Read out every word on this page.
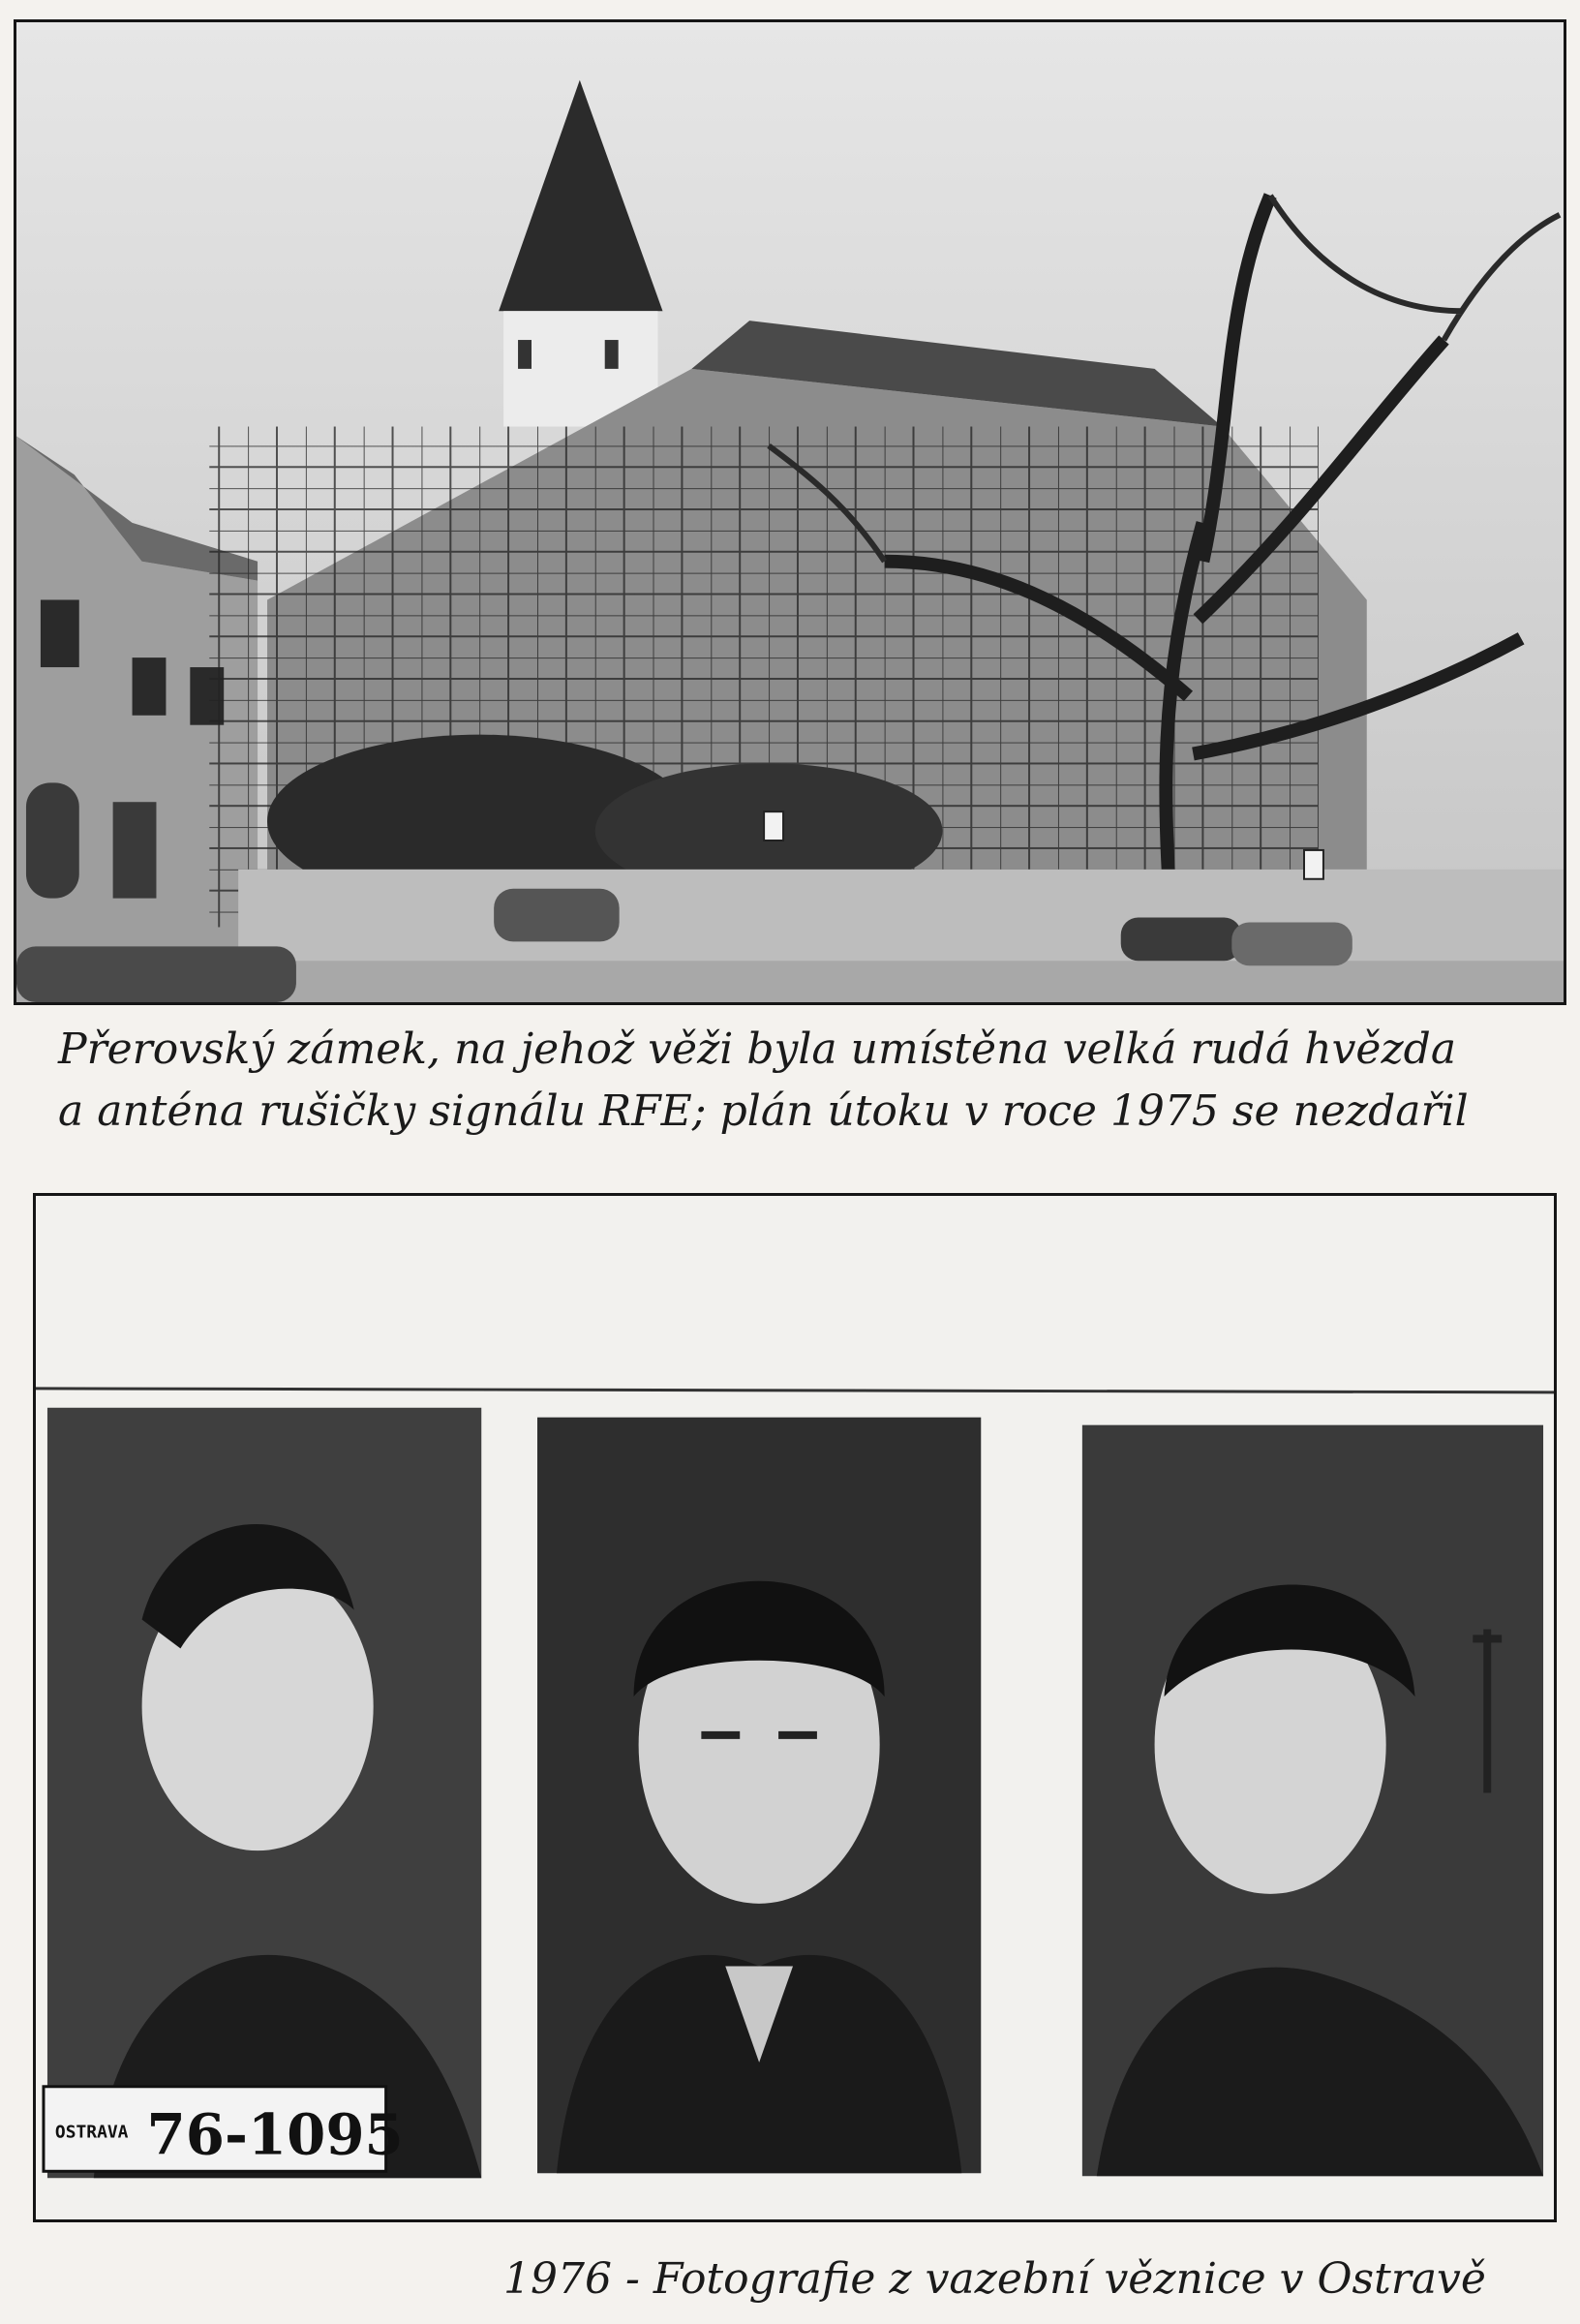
Přerovský zámek, na jehož věži byla umístěna velká rudá hvězda
a anténa rušičky signálu RFE; plán útoku v roce 1975 se nezdařil

OSTRAVA 76-1095

1976 - Fotografie z vazební věznice v Ostravě
